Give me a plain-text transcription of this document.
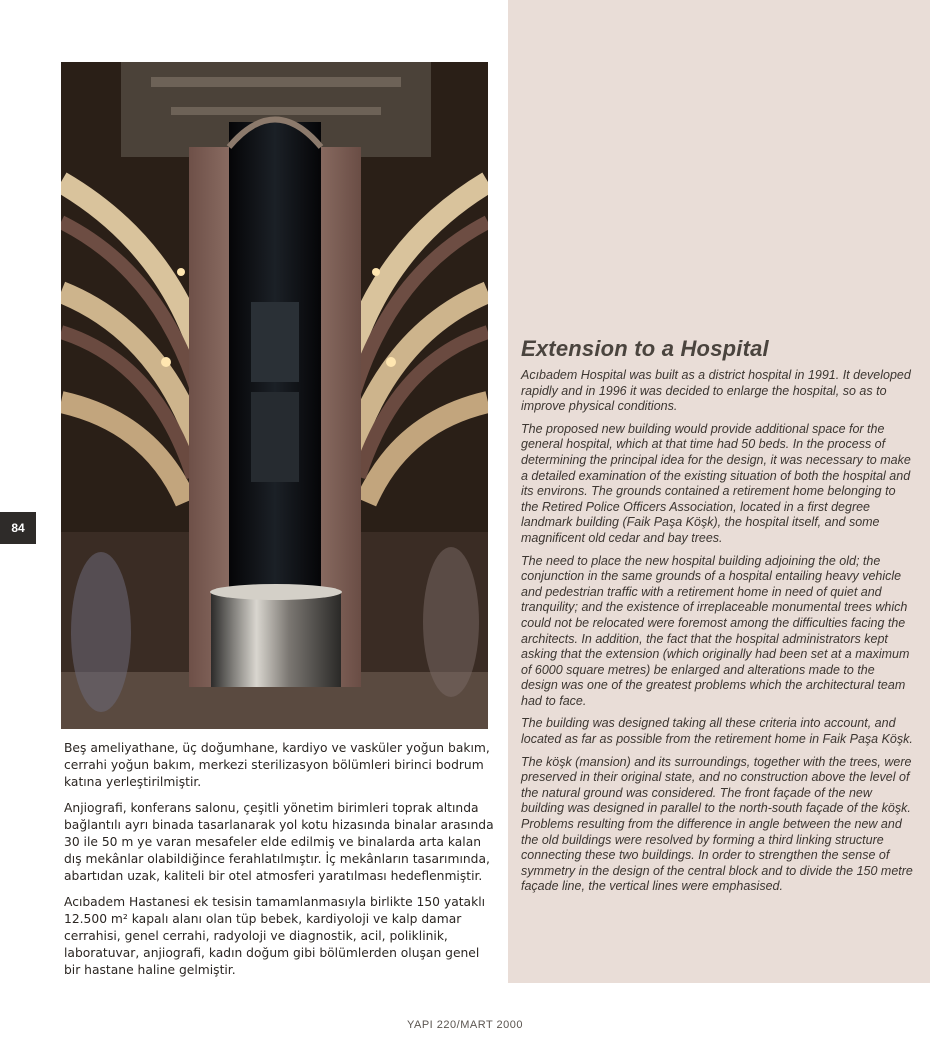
84

Beş ameliyathane, üç doğumhane, kardiyo ve vasküler yoğun bakım, cerrahi yoğun bakım, merkezi sterilizasyon bölümleri birinci bodrum katına yerleştirilmiştir.

Anjiografi, konferans salonu, çeşitli yönetim birimleri toprak altında bağlantılı ayrı binada tasarlanarak yol kotu hizasında binalar arasında 30 ile 50 m ye varan mesafeler elde edilmiş ve binalarda arta kalan dış mekânlar olabildiğince ferahlatılmıştır. İç mekânların tasarımında, abartıdan uzak, kaliteli bir otel atmosferi yaratılması hedeflenmiştir.

Acıbadem Hastanesi ek tesisin tamamlanmasıyla birlikte 150 yataklı 12.500 m² kapalı alanı olan tüp bebek, kardiyoloji ve kalp damar cerrahisi, genel cerrahi, radyoloji ve diagnostik, acil, poliklinik, laboratuvar, anjiografi, kadın doğum gibi bölümlerden oluşan genel bir hastane haline gelmiştir.

Extension to a Hospital

Acıbadem Hospital was built as a district hospital in 1991. It developed rapidly and in 1996 it was decided to enlarge the hospital, so as to improve physical conditions.

The proposed new building would provide additional space for the general hospital, which at that time had 50 beds. In the process of determining the principal idea for the design, it was necessary to make a detailed examination of the existing situation of both the hospital and its environs. The grounds contained a retirement home belonging to the Retired Police Officers Association, located in a first degree landmark building (Faik Paşa Köşk), the hospital itself, and some magnificent old cedar and bay trees.

The need to place the new hospital building adjoining the old; the conjunction in the same grounds of a hospital entailing heavy vehicle and pedestrian traffic with a retirement home in need of quiet and tranquility; and the existence of irreplaceable monumental trees which could not be relocated were foremost among the difficulties facing the architects. In addition, the fact that the hospital administrators kept asking that the extension (which originally had been set at a maximum of 6000 square metres) be enlarged and alterations made to the design was one of the greatest problems which the architectural team had to face.

The building was designed taking all these criteria into account, and located as far as possible from the retirement home in Faik Paşa Köşk.

The köşk (mansion) and its surroundings, together with the trees, were preserved in their original state, and no construction above the level of the natural ground was considered. The front façade of the new building was designed in parallel to the north-south façade of the köşk. Problems resulting from the difference in angle between the new and the old buildings were resolved by forming a third linking structure connecting these two buildings. In order to strengthen the sense of symmetry in the design of the central block and to divide the 150 metre façade line, the vertical lines were emphasised.

YAPI 220/MART 2000
